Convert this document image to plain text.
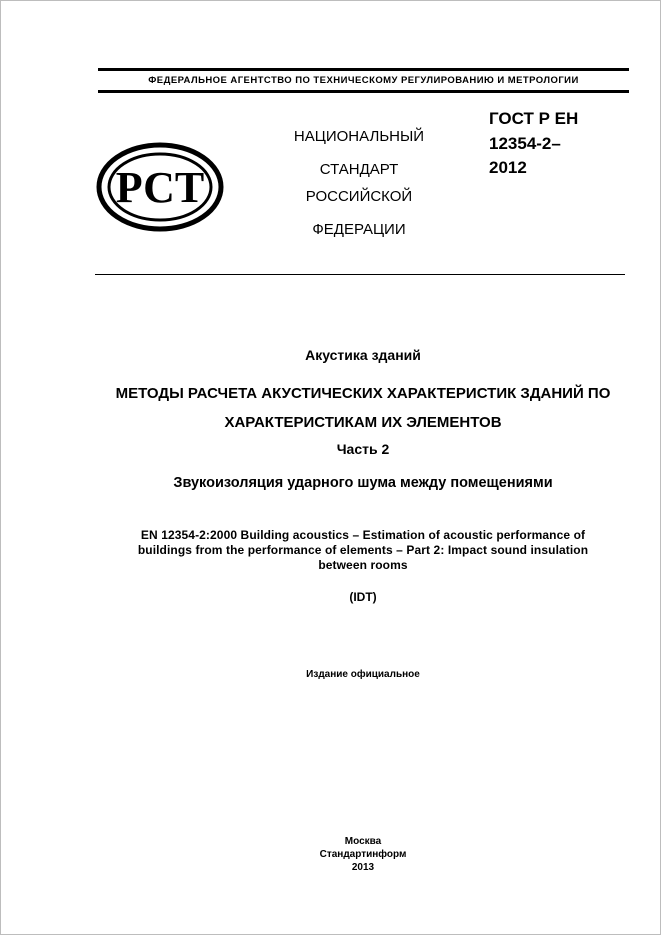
ФЕДЕРАЛЬНОЕ АГЕНТСТВО ПО ТЕХНИЧЕСКОМУ РЕГУЛИРОВАНИЮ И МЕТРОЛОГИИ
РСТ
НАЦИОНАЛЬНЫЙ
СТАНДАРТ
РОССИЙСКОЙ
ФЕДЕРАЦИИ
ГОСТ Р ЕН
12354-2–
2012
Акустика зданий
МЕТОДЫ РАСЧЕТА АКУСТИЧЕСКИХ ХАРАКТЕРИСТИК ЗДАНИЙ ПО
ХАРАКТЕРИСТИКАМ ИХ ЭЛЕМЕНТОВ
Часть 2
Звукоизоляция ударного шума между помещениями
EN 12354-2:2000 Building acoustics – Estimation of acoustic performance of
buildings from the performance of elements – Part 2: Impact sound insulation
between rooms
(IDT)
Издание официальное
Москва
Стандартинформ
2013
